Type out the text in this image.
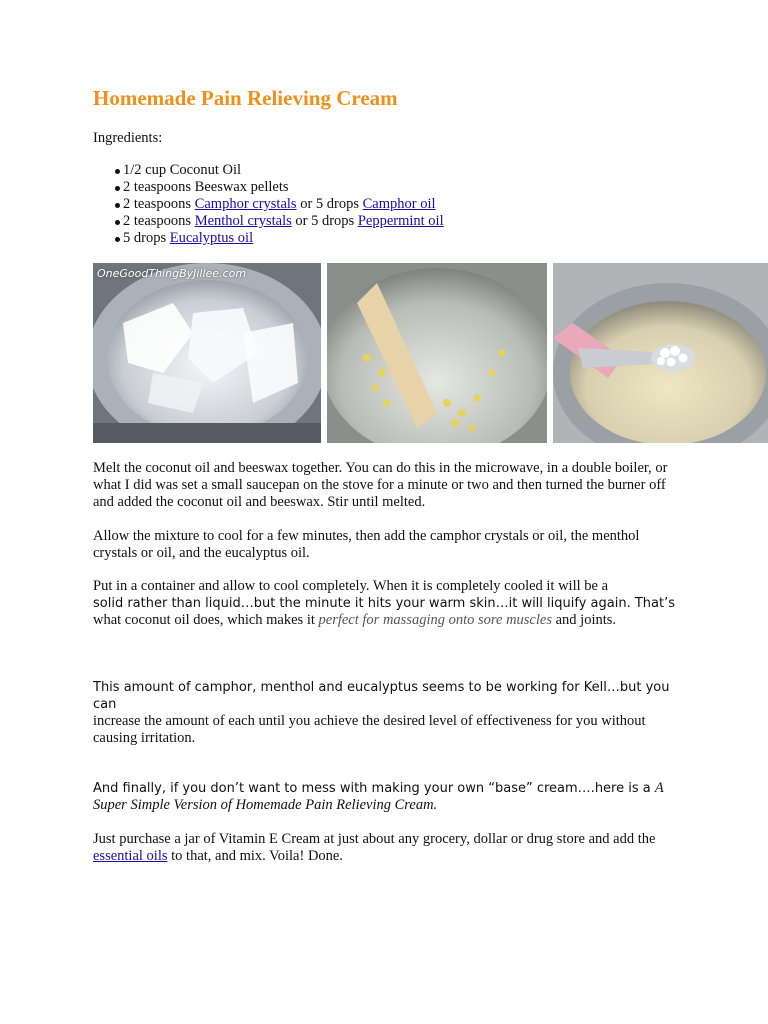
Homemade Pain Relieving Cream

Ingredients:

1/2 cup Coconut Oil
2 teaspoons Beeswax pellets
2 teaspoons Camphor crystals or 5 drops Camphor oil
2 teaspoons Menthol crystals or 5 drops Peppermint oil
5 drops Eucalyptus oil
OneGoodThingByJillee.com

Melt the coconut oil and beeswax together. You can do this in the microwave, in a double boiler, or what I did was set a small saucepan on the stove for a minute or two and then turned the burner off and added the coconut oil and beeswax. Stir until melted.

Allow the mixture to cool for a few minutes, then add the camphor crystals or oil, the menthol crystals or oil, and the eucalyptus oil.

Put in a container and allow to cool completely. When it is completely cooled it will be a
solid rather than liquid…but the minute it hits your warm skin…it will liquify again. That’s
what coconut oil does, which makes it perfect for massaging onto sore muscles and joints.
This amount of camphor, menthol and eucalyptus seems to be working for Kell…but you can
increase the amount of each until you achieve the desired level of effectiveness for you without causing irritation.
And finally, if you don’t want to mess with making your own “base” cream….here is a A
Super Simple Version of Homemade Pain Relieving Cream.

Just purchase a jar of Vitamin E Cream at just about any grocery, dollar or drug store and add the essential oils to that, and mix. Voila! Done.
